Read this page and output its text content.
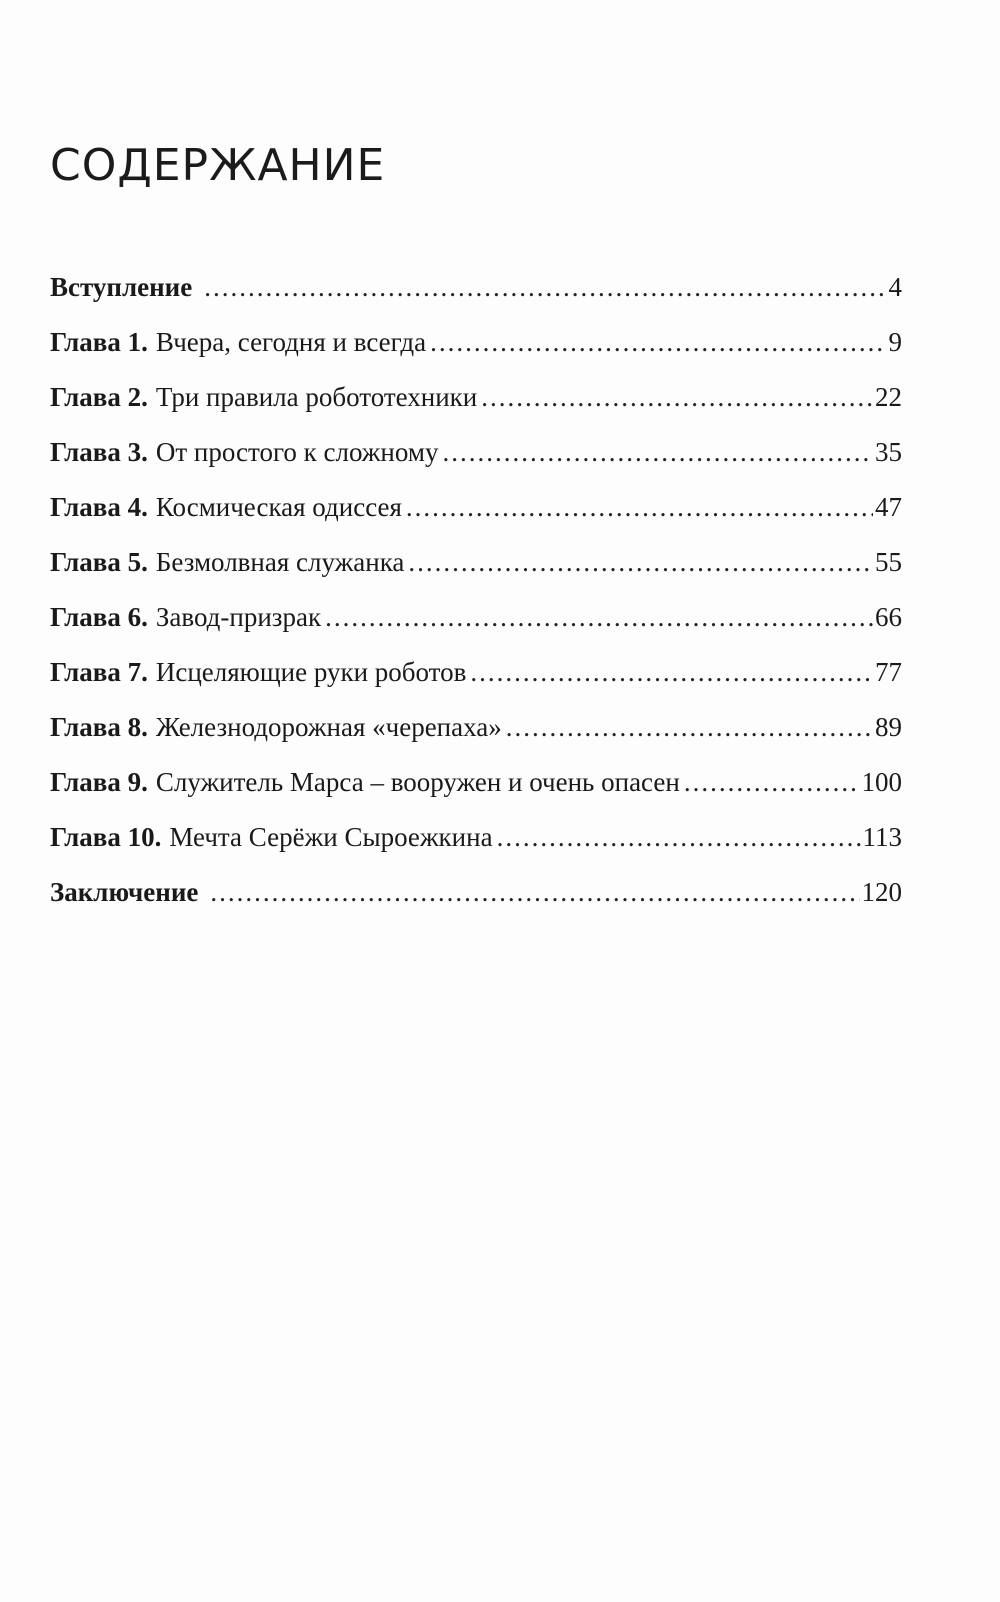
СОДЕРЖАНИЕ
Вступление .....	4
Глава 1. Вчера, сегодня и всегда .....	9
Глава 2. Три правила робототехники .....	22
Глава 3. От простого к сложному .....	35
Глава 4. Космическая одиссея .....	47
Глава 5. Безмолвная служанка .....	55
Глава 6. Завод-призрак .....	66
Глава 7. Исцеляющие руки роботов .....	77
Глава 8. Железнодорожная «черепаха» .....	89
Глава 9. Служитель Марса – вооружен и очень опасен .....	100
Глава 10. Мечта Серёжи Сыроежкина .....	113
Заключение .....	120
